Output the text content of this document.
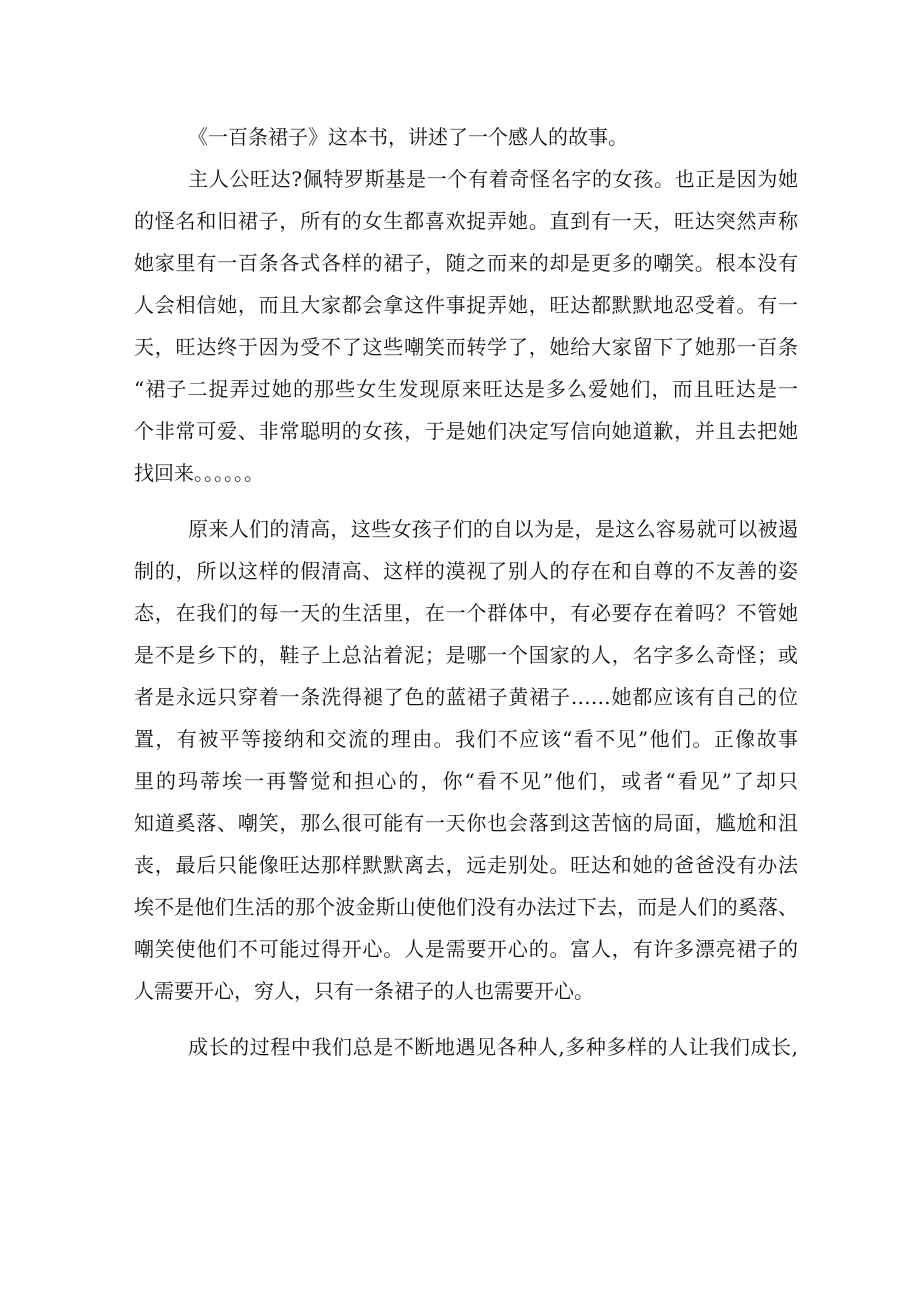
《一百条裙子》这本书，讲述了一个感人的故事。
主人公旺达?佩特罗斯基是一个有着奇怪名字的女孩。也正是因为她
的怪名和旧裙子，所有的女生都喜欢捉弄她。直到有一天，旺达突然声称
她家里有一百条各式各样的裙子，随之而来的却是更多的嘲笑。根本没有
人会相信她，而且大家都会拿这件事捉弄她，旺达都默默地忍受着。有一
天，旺达终于因为受不了这些嘲笑而转学了，她给大家留下了她那一百条
“裙子二捉弄过她的那些女生发现原来旺达是多么爱她们，而且旺达是一
个非常可爱、非常聪明的女孩，于是她们决定写信向她道歉，并且去把她
找回来。。。。。。
原来人们的清高，这些女孩子们的自以为是，是这么容易就可以被遏
制的，所以这样的假清高、这样的漠视了别人的存在和自尊的不友善的姿
态，在我们的每一天的生活里，在一个群体中，有必要存在着吗？不管她
是不是乡下的，鞋子上总沾着泥；是哪一个国家的人，名字多么奇怪；或
者是永远只穿着一条洗得褪了色的蓝裙子黄裙子……她都应该有自己的位
置，有被平等接纳和交流的理由。我们不应该“看不见”他们。正像故事
里的玛蒂埃一再警觉和担心的，你“看不见”他们，或者“看见”了却只
知道奚落、嘲笑，那么很可能有一天你也会落到这苦恼的局面，尴尬和沮
丧，最后只能像旺达那样默默离去，远走别处。旺达和她的爸爸没有办法
埃不是他们生活的那个波金斯山使他们没有办法过下去，而是人们的奚落、
嘲笑使他们不可能过得开心。人是需要开心的。富人，有许多漂亮裙子的
人需要开心，穷人，只有一条裙子的人也需要开心。
成长的过程中我们总是不断地遇见各种人,多种多样的人让我们成长,
